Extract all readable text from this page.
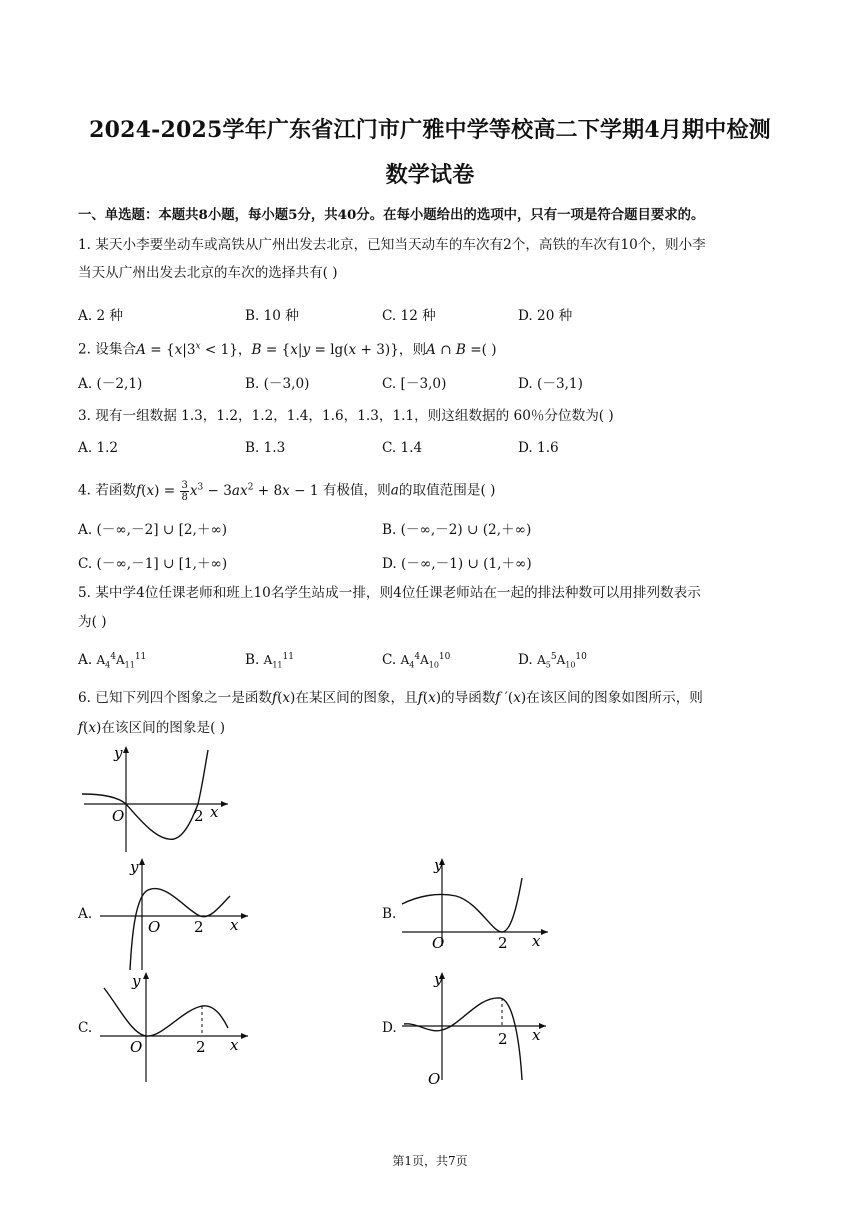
2024-2025学年广东省江门市广雅中学等校高二下学期4月期中检测
数学试卷
一、单选题：本题共8小题，每小题5分，共40分。在每小题给出的选项中，只有一项是符合题目要求的。
1. 某天小李要坐动车或高铁从广州出发去北京，已知当天动车的车次有2个，高铁的车次有10个，则小李
当天从广州出发去北京的车次的选择共有( )
A. 2 种	B. 10 种	C. 12 种	D. 20 种
2. 设集合$A = \{x|3^x < 1\}$，B = {x|y = lg(x + 3)}，则A ∩ B =( )
A. (－2,1)	B. (－3,0)	C. [－3,0)	D. (－3,1)
3. 现有一组数据 1.3，1.2，1.2，1.4，1.6，1.3，1.1，则这组数据的 60％分位数为( )
A. 1.2	B. 1.3	C. 1.4	D. 1.6
4. 若函数$f(x) = \frac{3}{8} x^3 - 3ax^2 + 8x - 1$ 有极值，则a的取值范围是( )
A. (－∞,－2] ∪ [2,＋∞)	B. (－∞,－2) ∪ (2,＋∞)
C. (－∞,－1] ∪ [1,＋∞)	D. (－∞,－1) ∪ (1,＋∞)
5. 某中学4位任课老师和班上10名学生站成一排，则4位任课老师站在一起的排法种数可以用排列数表示
为( )
A. $A_4^4A_{11}^{11}$	B. $A_{11}^{11}$	C. $A_4^4A_{10}^{10}$	D. $A_5^5A_{10}^{10}$
6. 已知下列四个图象之一是函数f(x)在某区间的图象，且f(x)的导函数f ′(x)在该区间的图象如图所示，则
f(x)在该区间的图象是( )
y
O	2 x
A.
y
O 2 x
B.
y
O	2 x
C.
y
O	2 x
D.
y
O
2 x
第1页，共7页
